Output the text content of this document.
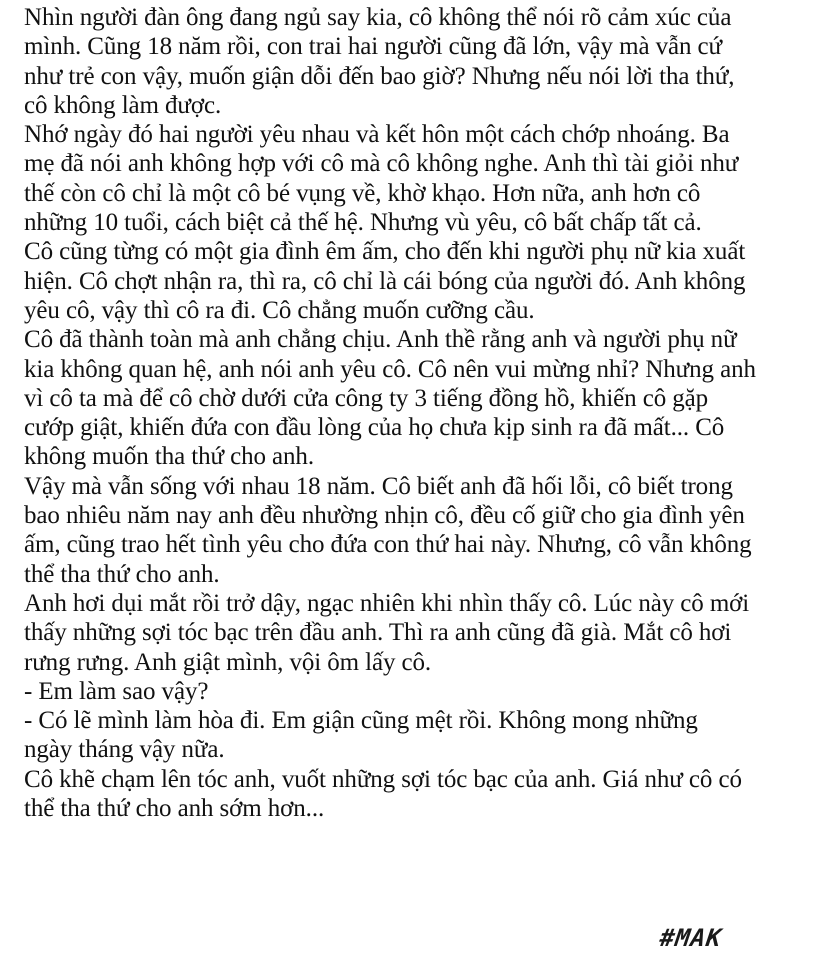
Nhìn người đàn ông đang ngủ say kia, cô không thể nói rõ cảm xúc của
mình. Cũng 18 năm rồi, con trai hai người cũng đã lớn, vậy mà vẫn cứ
như trẻ con vậy, muốn giận dỗi đến bao giờ? Nhưng nếu nói lời tha thứ,
cô không làm được.
Nhớ ngày đó hai người yêu nhau và kết hôn một cách chớp nhoáng. Ba
mẹ đã nói anh không hợp với cô mà cô không nghe. Anh thì tài giỏi như
thế còn cô chỉ là một cô bé vụng về, khờ khạo. Hơn nữa, anh hơn cô
những 10 tuổi, cách biệt cả thế hệ. Nhưng vù yêu, cô bất chấp tất cả.
Cô cũng từng có một gia đình êm ấm, cho đến khi người phụ nữ kia xuất
hiện. Cô chợt nhận ra, thì ra, cô chỉ là cái bóng của người đó. Anh không
yêu cô, vậy thì cô ra đi. Cô chẳng muốn cưỡng cầu.
Cô đã thành toàn mà anh chẳng chịu. Anh thề rằng anh và người phụ nữ
kia không quan hệ, anh nói anh yêu cô. Cô nên vui mừng nhỉ? Nhưng anh
vì cô ta mà để cô chờ dưới cửa công ty 3 tiếng đồng hồ, khiến cô gặp
cướp giật, khiến đứa con đầu lòng của họ chưa kịp sinh ra đã mất... Cô
không muốn tha thứ cho anh.
Vậy mà vẫn sống với nhau 18 năm. Cô biết anh đã hối lỗi, cô biết trong
bao nhiêu năm nay anh đều nhường nhịn cô, đều cố giữ cho gia đình yên
ấm, cũng trao hết tình yêu cho đứa con thứ hai này. Nhưng, cô vẫn không
thể tha thứ cho anh.
Anh hơi dụi mắt rồi trở dậy, ngạc nhiên khi nhìn thấy cô. Lúc này cô mới
thấy những sợi tóc bạc trên đầu anh. Thì ra anh cũng đã già. Mắt cô hơi
rưng rưng. Anh giật mình, vội ôm lấy cô.
- Em làm sao vậy?
- Có lẽ mình làm hòa đi. Em giận cũng mệt rồi. Không mong những
ngày tháng vậy nữa.
Cô khẽ chạm lên tóc anh, vuốt những sợi tóc bạc của anh. Giá như cô có
thể tha thứ cho anh sớm hơn...
#MAK
